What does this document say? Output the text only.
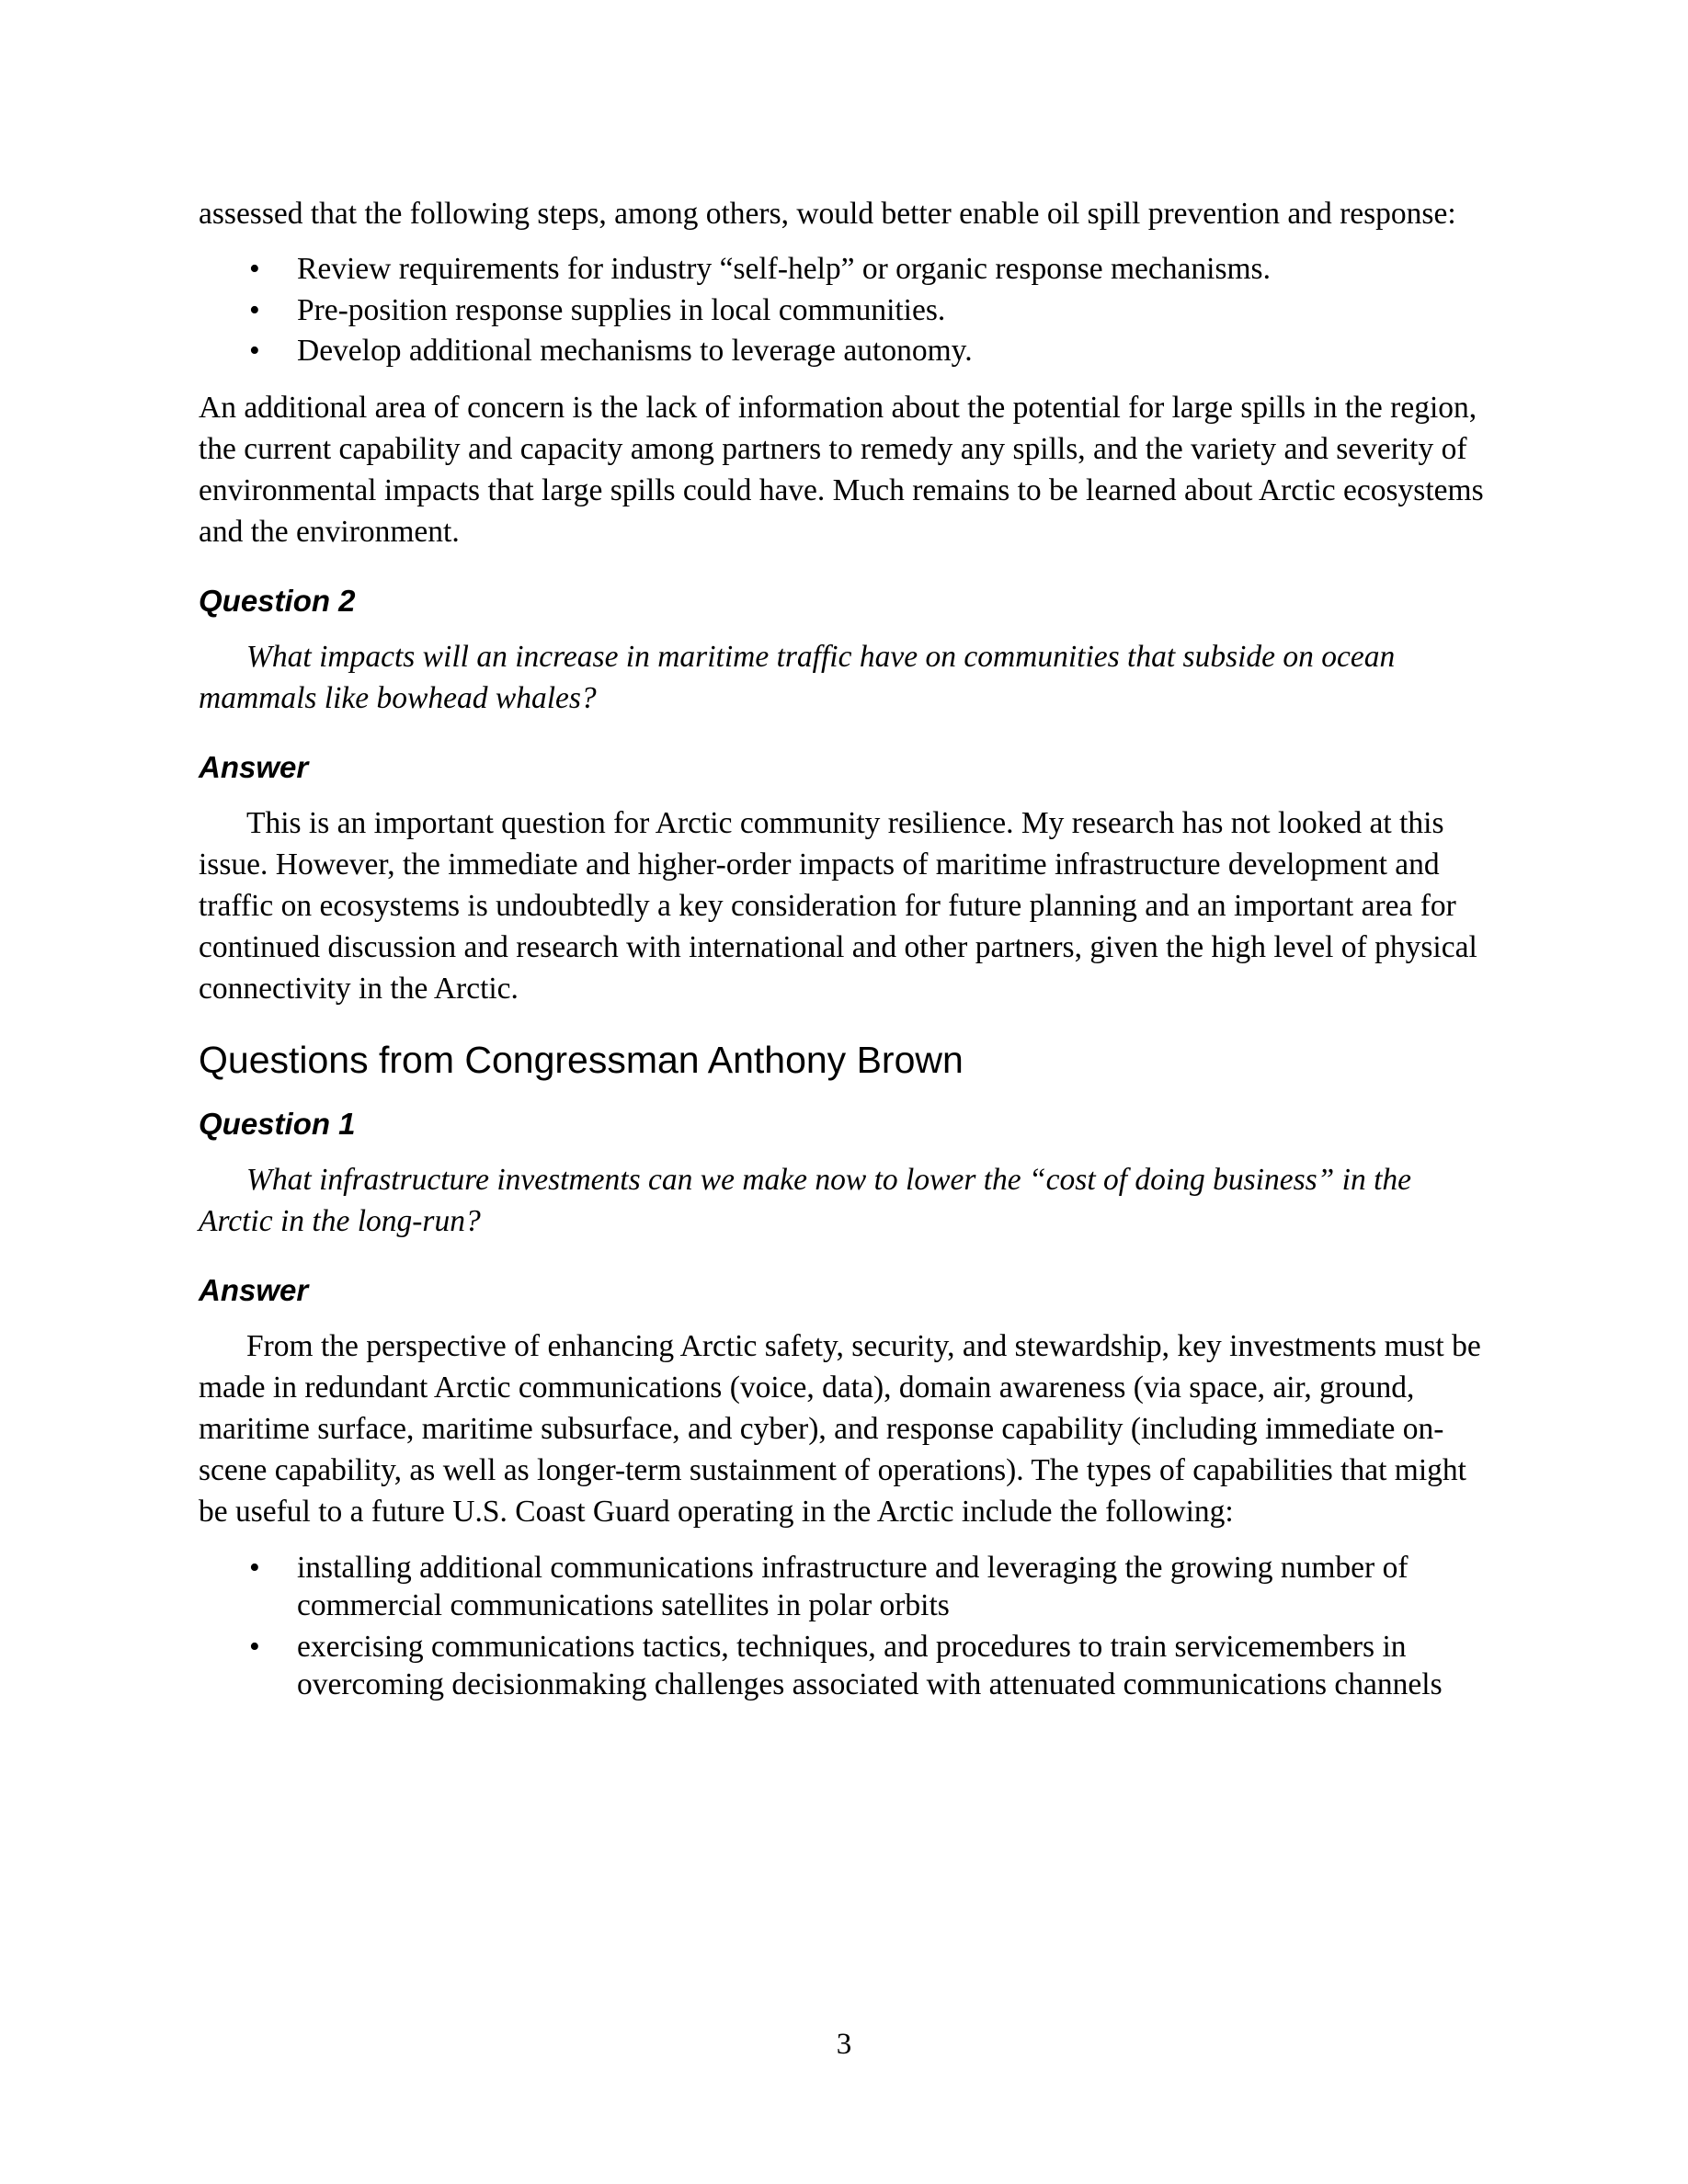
assessed that the following steps, among others, would better enable oil spill prevention and response:

•	Review requirements for industry “self-help” or organic response mechanisms.
•	Pre-position response supplies in local communities.
•	Develop additional mechanisms to leverage autonomy.

An additional area of concern is the lack of information about the potential for large spills in the region, the current capability and capacity among partners to remedy any spills, and the variety and severity of environmental impacts that large spills could have. Much remains to be learned about Arctic ecosystems and the environment.

Question 2

What impacts will an increase in maritime traffic have on communities that subside on ocean mammals like bowhead whales?

Answer

This is an important question for Arctic community resilience. My research has not looked at this issue. However, the immediate and higher-order impacts of maritime infrastructure development and traffic on ecosystems is undoubtedly a key consideration for future planning and an important area for continued discussion and research with international and other partners, given the high level of physical connectivity in the Arctic.

Questions from Congressman Anthony Brown
Question 1

What infrastructure investments can we make now to lower the “cost of doing business” in the Arctic in the long-run?

Answer

From the perspective of enhancing Arctic safety, security, and stewardship, key investments must be made in redundant Arctic communications (voice, data), domain awareness (via space, air, ground, maritime surface, maritime subsurface, and cyber), and response capability (including immediate on-scene capability, as well as longer-term sustainment of operations). The types of capabilities that might be useful to a future U.S. Coast Guard operating in the Arctic include the following:

•	installing additional communications infrastructure and leveraging the growing number of commercial communications satellites in polar orbits
•	exercising communications tactics, techniques, and procedures to train servicemembers in overcoming decisionmaking challenges associated with attenuated communications channels
3
